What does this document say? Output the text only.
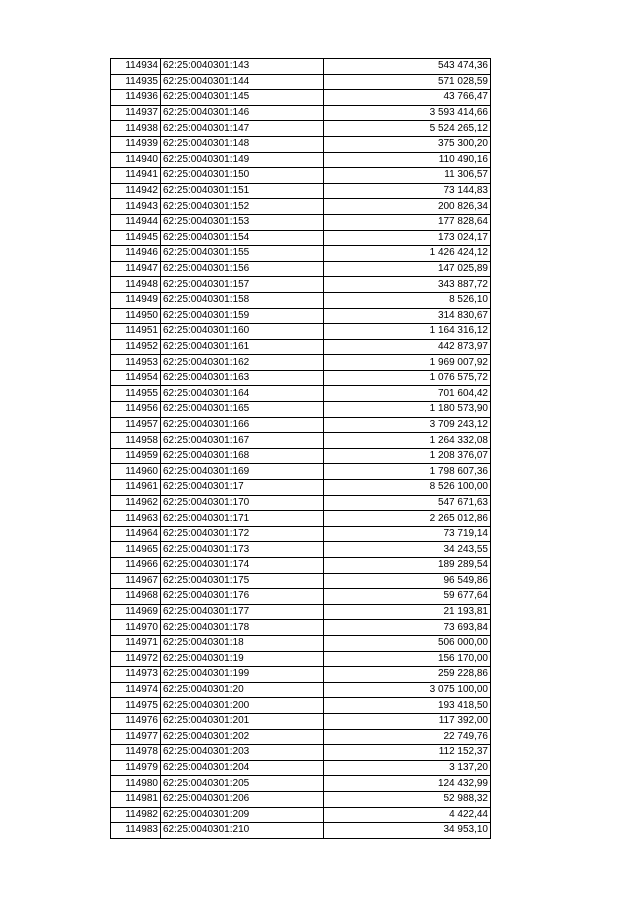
114934	62:25:0040301:143	543 474,36
114935	62:25:0040301:144	571 028,59
114936	62:25:0040301:145	43 766,47
114937	62:25:0040301:146	3 593 414,66
114938	62:25:0040301:147	5 524 265,12
114939	62:25:0040301:148	375 300,20
114940	62:25:0040301:149	110 490,16
114941	62:25:0040301:150	11 306,57
114942	62:25:0040301:151	73 144,83
114943	62:25:0040301:152	200 826,34
114944	62:25:0040301:153	177 828,64
114945	62:25:0040301:154	173 024,17
114946	62:25:0040301:155	1 426 424,12
114947	62:25:0040301:156	147 025,89
114948	62:25:0040301:157	343 887,72
114949	62:25:0040301:158	8 526,10
114950	62:25:0040301:159	314 830,67
114951	62:25:0040301:160	1 164 316,12
114952	62:25:0040301:161	442 873,97
114953	62:25:0040301:162	1 969 007,92
114954	62:25:0040301:163	1 076 575,72
114955	62:25:0040301:164	701 604,42
114956	62:25:0040301:165	1 180 573,90
114957	62:25:0040301:166	3 709 243,12
114958	62:25:0040301:167	1 264 332,08
114959	62:25:0040301:168	1 208 376,07
114960	62:25:0040301:169	1 798 607,36
114961	62:25:0040301:17	8 526 100,00
114962	62:25:0040301:170	547 671,63
114963	62:25:0040301:171	2 265 012,86
114964	62:25:0040301:172	73 719,14
114965	62:25:0040301:173	34 243,55
114966	62:25:0040301:174	189 289,54
114967	62:25:0040301:175	96 549,86
114968	62:25:0040301:176	59 677,64
114969	62:25:0040301:177	21 193,81
114970	62:25:0040301:178	73 693,84
114971	62:25:0040301:18	506 000,00
114972	62:25:0040301:19	156 170,00
114973	62:25:0040301:199	259 228,86
114974	62:25:0040301:20	3 075 100,00
114975	62:25:0040301:200	193 418,50
114976	62:25:0040301:201	117 392,00
114977	62:25:0040301:202	22 749,76
114978	62:25:0040301:203	112 152,37
114979	62:25:0040301:204	3 137,20
114980	62:25:0040301:205	124 432,99
114981	62:25:0040301:206	52 988,32
114982	62:25:0040301:209	4 422,44
114983	62:25:0040301:210	34 953,10
